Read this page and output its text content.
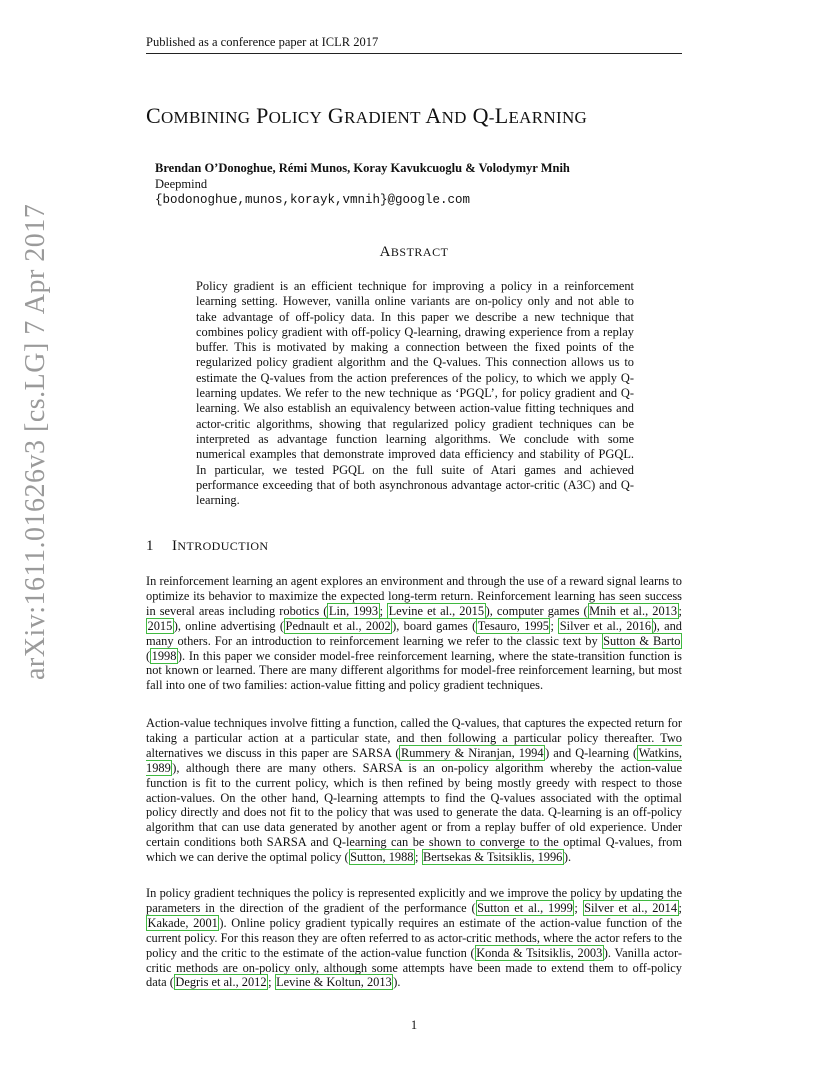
Published as a conference paper at ICLR 2017
COMBINING POLICY GRADIENT AND Q-LEARNING
Brendan O’Donoghue, Rémi Munos, Koray Kavukcuoglu & Volodymyr Mnih
Deepmind
{bodonoghue,munos,korayk,vmnih}@google.com
ABSTRACT

Policy gradient is an efficient technique for improving a policy in a reinforcement learning setting. However, vanilla online variants are on-policy only and not able to take advantage of off-policy data. In this paper we describe a new technique that combines policy gradient with off-policy Q-learning, drawing experience from a replay buffer. This is motivated by making a connection between the fixed points of the regularized policy gradient algorithm and the Q-values. This connection allows us to estimate the Q-values from the action preferences of the policy, to which we apply Q-learning updates. We refer to the new technique as ‘PGQL’, for policy gradient and Q-learning. We also establish an equivalency between action-value fitting techniques and actor-critic algorithms, showing that regularized policy gradient techniques can be interpreted as advantage function learning algorithms. We conclude with some numerical examples that demonstrate improved data efficiency and stability of PGQL. In particular, we tested PGQL on the full suite of Atari games and achieved performance exceeding that of both asynchronous advantage actor-critic (A3C) and Q-learning.

1 INTRODUCTION

In reinforcement learning an agent explores an environment and through the use of a reward signal learns to optimize its behavior to maximize the expected long-term return. Reinforcement learning has seen success in several areas including robotics ( Lin, 1993 ; Levine et al., 2015 ), computer games ( Mnih et al., 2013 ; 2015 ), online advertising ( Pednault et al., 2002 ), board games ( Tesauro, 1995 ; Silver et al., 2016 ), and many others. For an introduction to reinforcement learning we refer to the classic text by Sutton & Barto ( 1998 ). In this paper we consider model-free reinforcement learning, where the state-transition function is not known or learned. There are many different algorithms for model-free reinforcement learning, but most fall into one of two families: action-value fitting and policy gradient techniques.

Action-value techniques involve fitting a function, called the Q-values, that captures the expected return for taking a particular action at a particular state, and then following a particular policy thereafter. Two alternatives we discuss in this paper are SARSA ( Rummery & Niranjan, 1994 ) and Q-learning ( Watkins, 1989 ), although there are many others. SARSA is an on-policy algorithm whereby the action-value function is fit to the current policy, which is then refined by being mostly greedy with respect to those action-values. On the other hand, Q-learning attempts to find the Q-values associated with the optimal policy directly and does not fit to the policy that was used to generate the data. Q-learning is an off-policy algorithm that can use data generated by another agent or from a replay buffer of old experience. Under certain conditions both SARSA and Q-learning can be shown to converge to the optimal Q-values, from which we can derive the optimal policy ( Sutton, 1988 ; Bertsekas & Tsitsiklis, 1996 ).

In policy gradient techniques the policy is represented explicitly and we improve the policy by updating the parameters in the direction of the gradient of the performance ( Sutton et al., 1999 ; Silver et al., 2014 ; Kakade, 2001 ). Online policy gradient typically requires an estimate of the action-value function of the current policy. For this reason they are often referred to as actor-critic methods, where the actor refers to the policy and the critic to the estimate of the action-value function ( Konda & Tsitsiklis, 2003 ). Vanilla actor-critic methods are on-policy only, although some attempts have been made to extend them to off-policy data ( Degris et al., 2012 ; Levine & Koltun, 2013 ).

arXiv:1611.01626v3 [cs.LG] 7 Apr 2017
1
